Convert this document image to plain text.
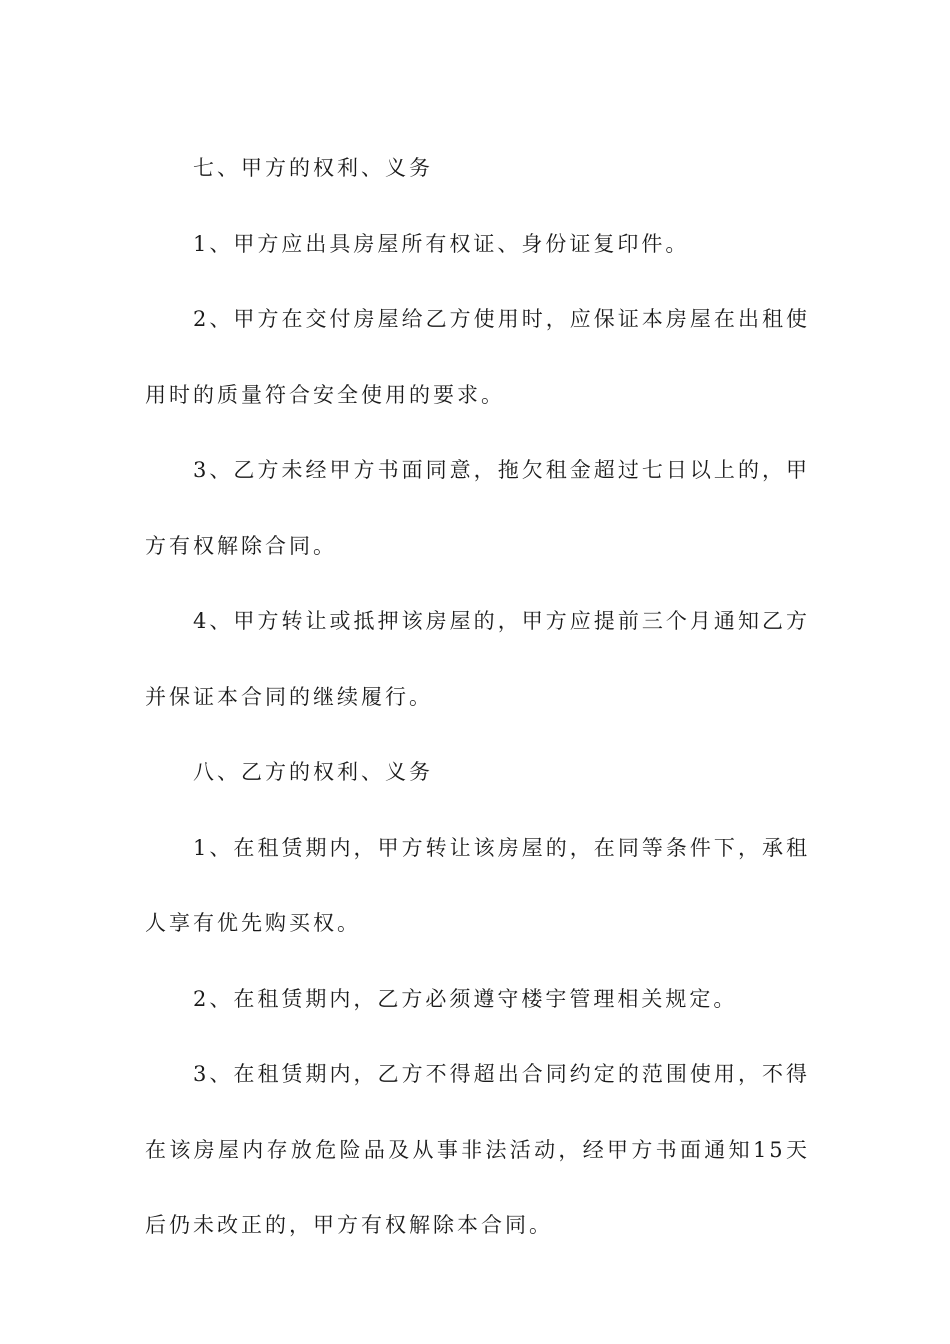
七、甲方的权利、义务

1、甲方应出具房屋所有权证、身份证复印件。

2、甲方在交付房屋给乙方使用时，应保证本房屋在出租使用时的质量符合安全使用的要求。

3、乙方未经甲方书面同意，拖欠租金超过七日以上的，甲方有权解除合同。

4、甲方转让或抵押该房屋的，甲方应提前三个月通知乙方并保证本合同的继续履行。

八、乙方的权利、义务

1、在租赁期内，甲方转让该房屋的，在同等条件下，承租人享有优先购买权。

2、在租赁期内，乙方必须遵守楼宇管理相关规定。

3、在租赁期内，乙方不得超出合同约定的范围使用，不得在该房屋内存放危险品及从事非法活动，经甲方书面通知15天后仍未改正的，甲方有权解除本合同。
